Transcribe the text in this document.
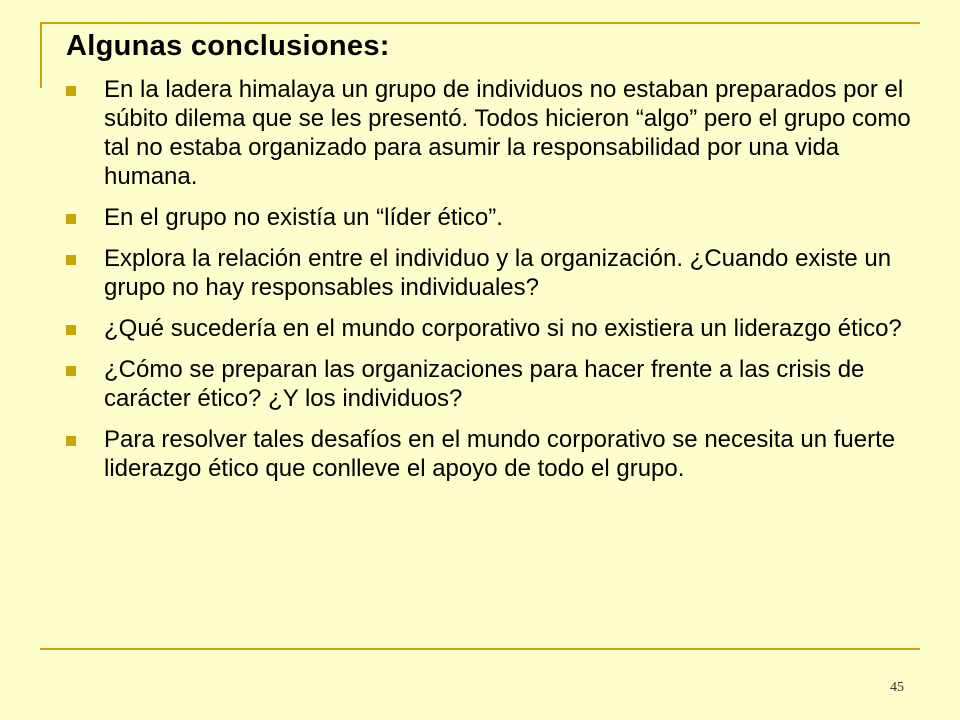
Algunas conclusiones:
En la ladera himalaya un grupo de individuos no estaban preparados por el súbito dilema que se les presentó. Todos hicieron “algo” pero el grupo como tal no estaba organizado para asumir la responsabilidad por una vida humana.
En el grupo no existía un “líder ético”.
Explora la relación entre el individuo y la organización. ¿Cuando existe un grupo no hay responsables individuales?
¿Qué sucedería en el mundo corporativo si no existiera un liderazgo ético?
¿Cómo se preparan las organizaciones para hacer frente a las crisis de carácter ético? ¿Y los individuos?
Para resolver tales desafíos en el mundo corporativo se necesita un fuerte liderazgo ético que conlleve el apoyo de todo el grupo.
45
